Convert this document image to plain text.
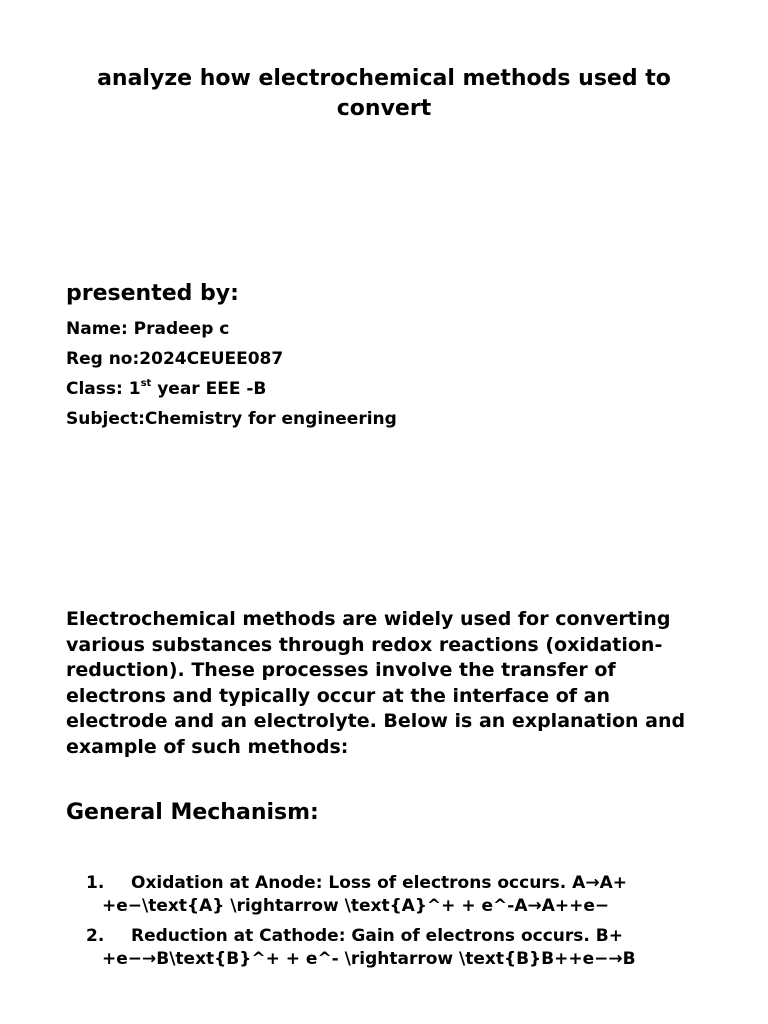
analyze how electrochemical methods used to convert
presented by:

Name: Pradeep c

Reg no:2024CEUEE087

Class: 1st year EEE -B

Subject:Chemistry for engineering

Electrochemical methods are widely used for converting various substances through redox reactions (oxidation-reduction). These processes involve the transfer of electrons and typically occur at the interface of an electrode and an electrolyte. Below is an explanation and example of such methods:

General Mechanism:
1.	Oxidation at Anode: Loss of electrons occurs. A→A+
+e−\text{A} \rightarrow \text{A}^+ + e^-A→A++e−
2.	Reduction at Cathode: Gain of electrons occurs. B+
+e−→B\text{B}^+ + e^- \rightarrow \text{B}B++e−→B
